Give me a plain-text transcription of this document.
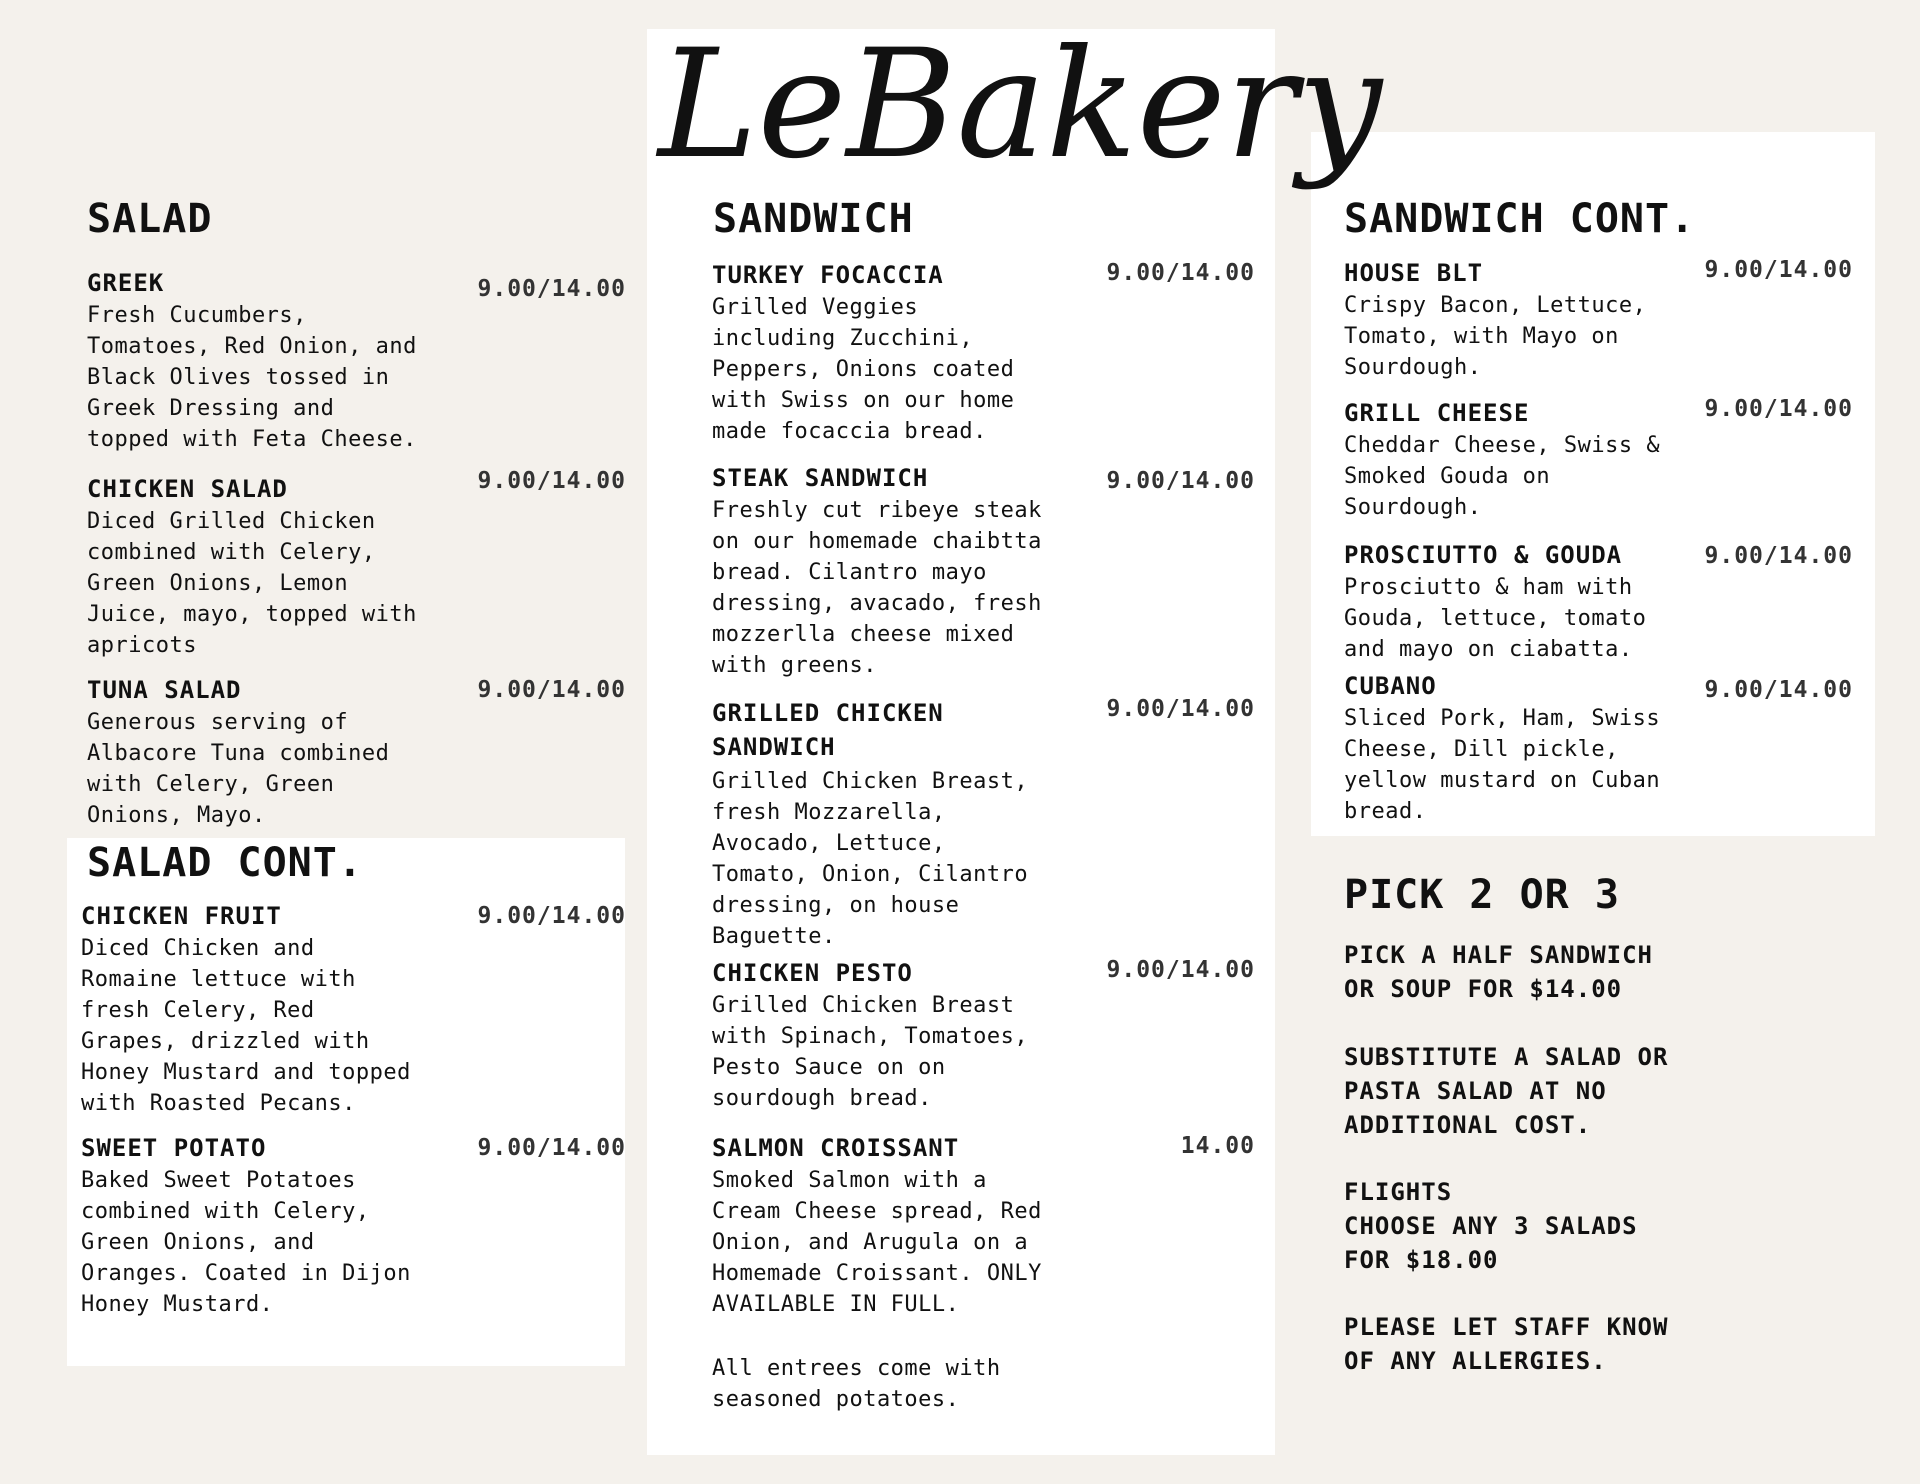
LeBakery
SALAD
GREEK
Fresh Cucumbers,
Tomatoes, Red Onion, and
Black Olives tossed in
Greek Dressing and
topped with Feta Cheese.
9.00/14.00
CHICKEN SALAD
Diced Grilled Chicken
combined with Celery,
Green Onions, Lemon
Juice, mayo, topped with
apricots
9.00/14.00
TUNA SALAD
Generous serving of
Albacore Tuna combined
with Celery, Green
Onions, Mayo.
9.00/14.00
SALAD CONT.
CHICKEN FRUIT
Diced Chicken and
Romaine lettuce with
fresh Celery, Red
Grapes, drizzled with
Honey Mustard and topped
with Roasted Pecans.
9.00/14.00
SWEET POTATO
Baked Sweet Potatoes
combined with Celery,
Green Onions, and
Oranges. Coated in Dijon
Honey Mustard.
9.00/14.00
SANDWICH
TURKEY FOCACCIA
Grilled Veggies
including Zucchini,
Peppers, Onions coated
with Swiss on our home
made focaccia bread.
9.00/14.00
STEAK SANDWICH
Freshly cut ribeye steak
on our homemade chaibtta
bread. Cilantro mayo
dressing, avacado, fresh
mozzerlla cheese mixed
with greens.
9.00/14.00
GRILLED CHICKEN
SANDWICH
Grilled Chicken Breast,
fresh Mozzarella,
Avocado, Lettuce,
Tomato, Onion, Cilantro
dressing, on house
Baguette.
9.00/14.00
CHICKEN PESTO
Grilled Chicken Breast
with Spinach, Tomatoes,
Pesto Sauce on on
sourdough bread.
9.00/14.00
SALMON CROISSANT
Smoked Salmon with a
Cream Cheese spread, Red
Onion, and Arugula on a
Homemade Croissant. ONLY
AVAILABLE IN FULL.
14.00
All entrees come with
seasoned potatoes.
SANDWICH CONT.
HOUSE BLT
Crispy Bacon, Lettuce,
Tomato, with Mayo on
Sourdough.
9.00/14.00
GRILL CHEESE
Cheddar Cheese, Swiss &
Smoked Gouda on
Sourdough.
9.00/14.00
PROSCIUTTO & GOUDA
Prosciutto & ham with
Gouda, lettuce, tomato
and mayo on ciabatta.
9.00/14.00
CUBANO
Sliced Pork, Ham, Swiss
Cheese, Dill pickle,
yellow mustard on Cuban
bread.
9.00/14.00
PICK 2 OR 3
PICK A HALF SANDWICH
OR SOUP FOR $14.00
SUBSTITUTE A SALAD OR
PASTA SALAD AT NO
ADDITIONAL COST.
FLIGHTS
CHOOSE ANY 3 SALADS
FOR $18.00
PLEASE LET STAFF KNOW
OF ANY ALLERGIES.
